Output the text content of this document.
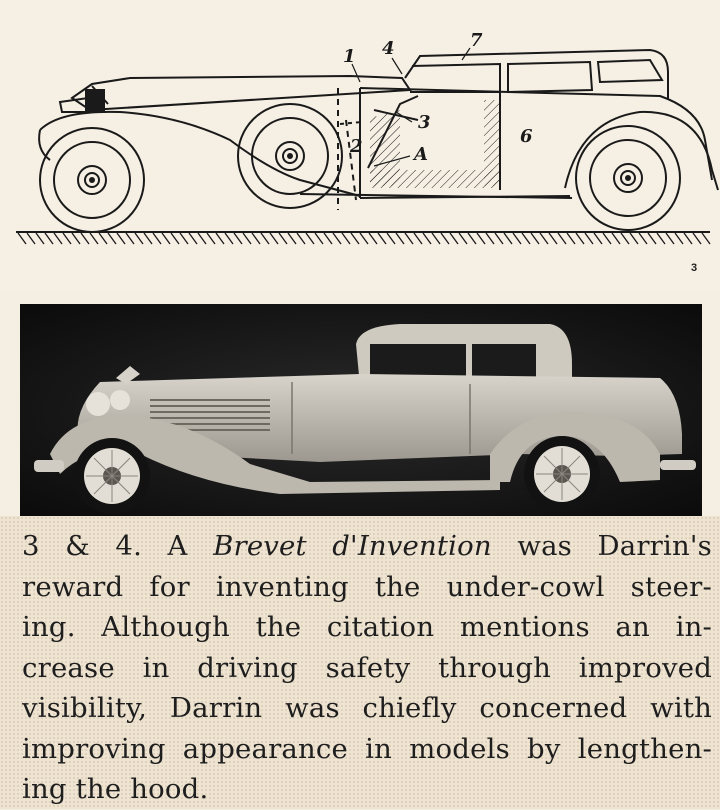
1 4	7
3
2	6
A
3

3 & 4. A Brevet d'Invention was Darrin's
reward for inventing the under-cowl steer-
ing. Although the citation mentions an in-
crease in driving safety through improved
visibility, Darrin was chiefly concerned with
improving appearance in models by lengthen-
ing the hood.
